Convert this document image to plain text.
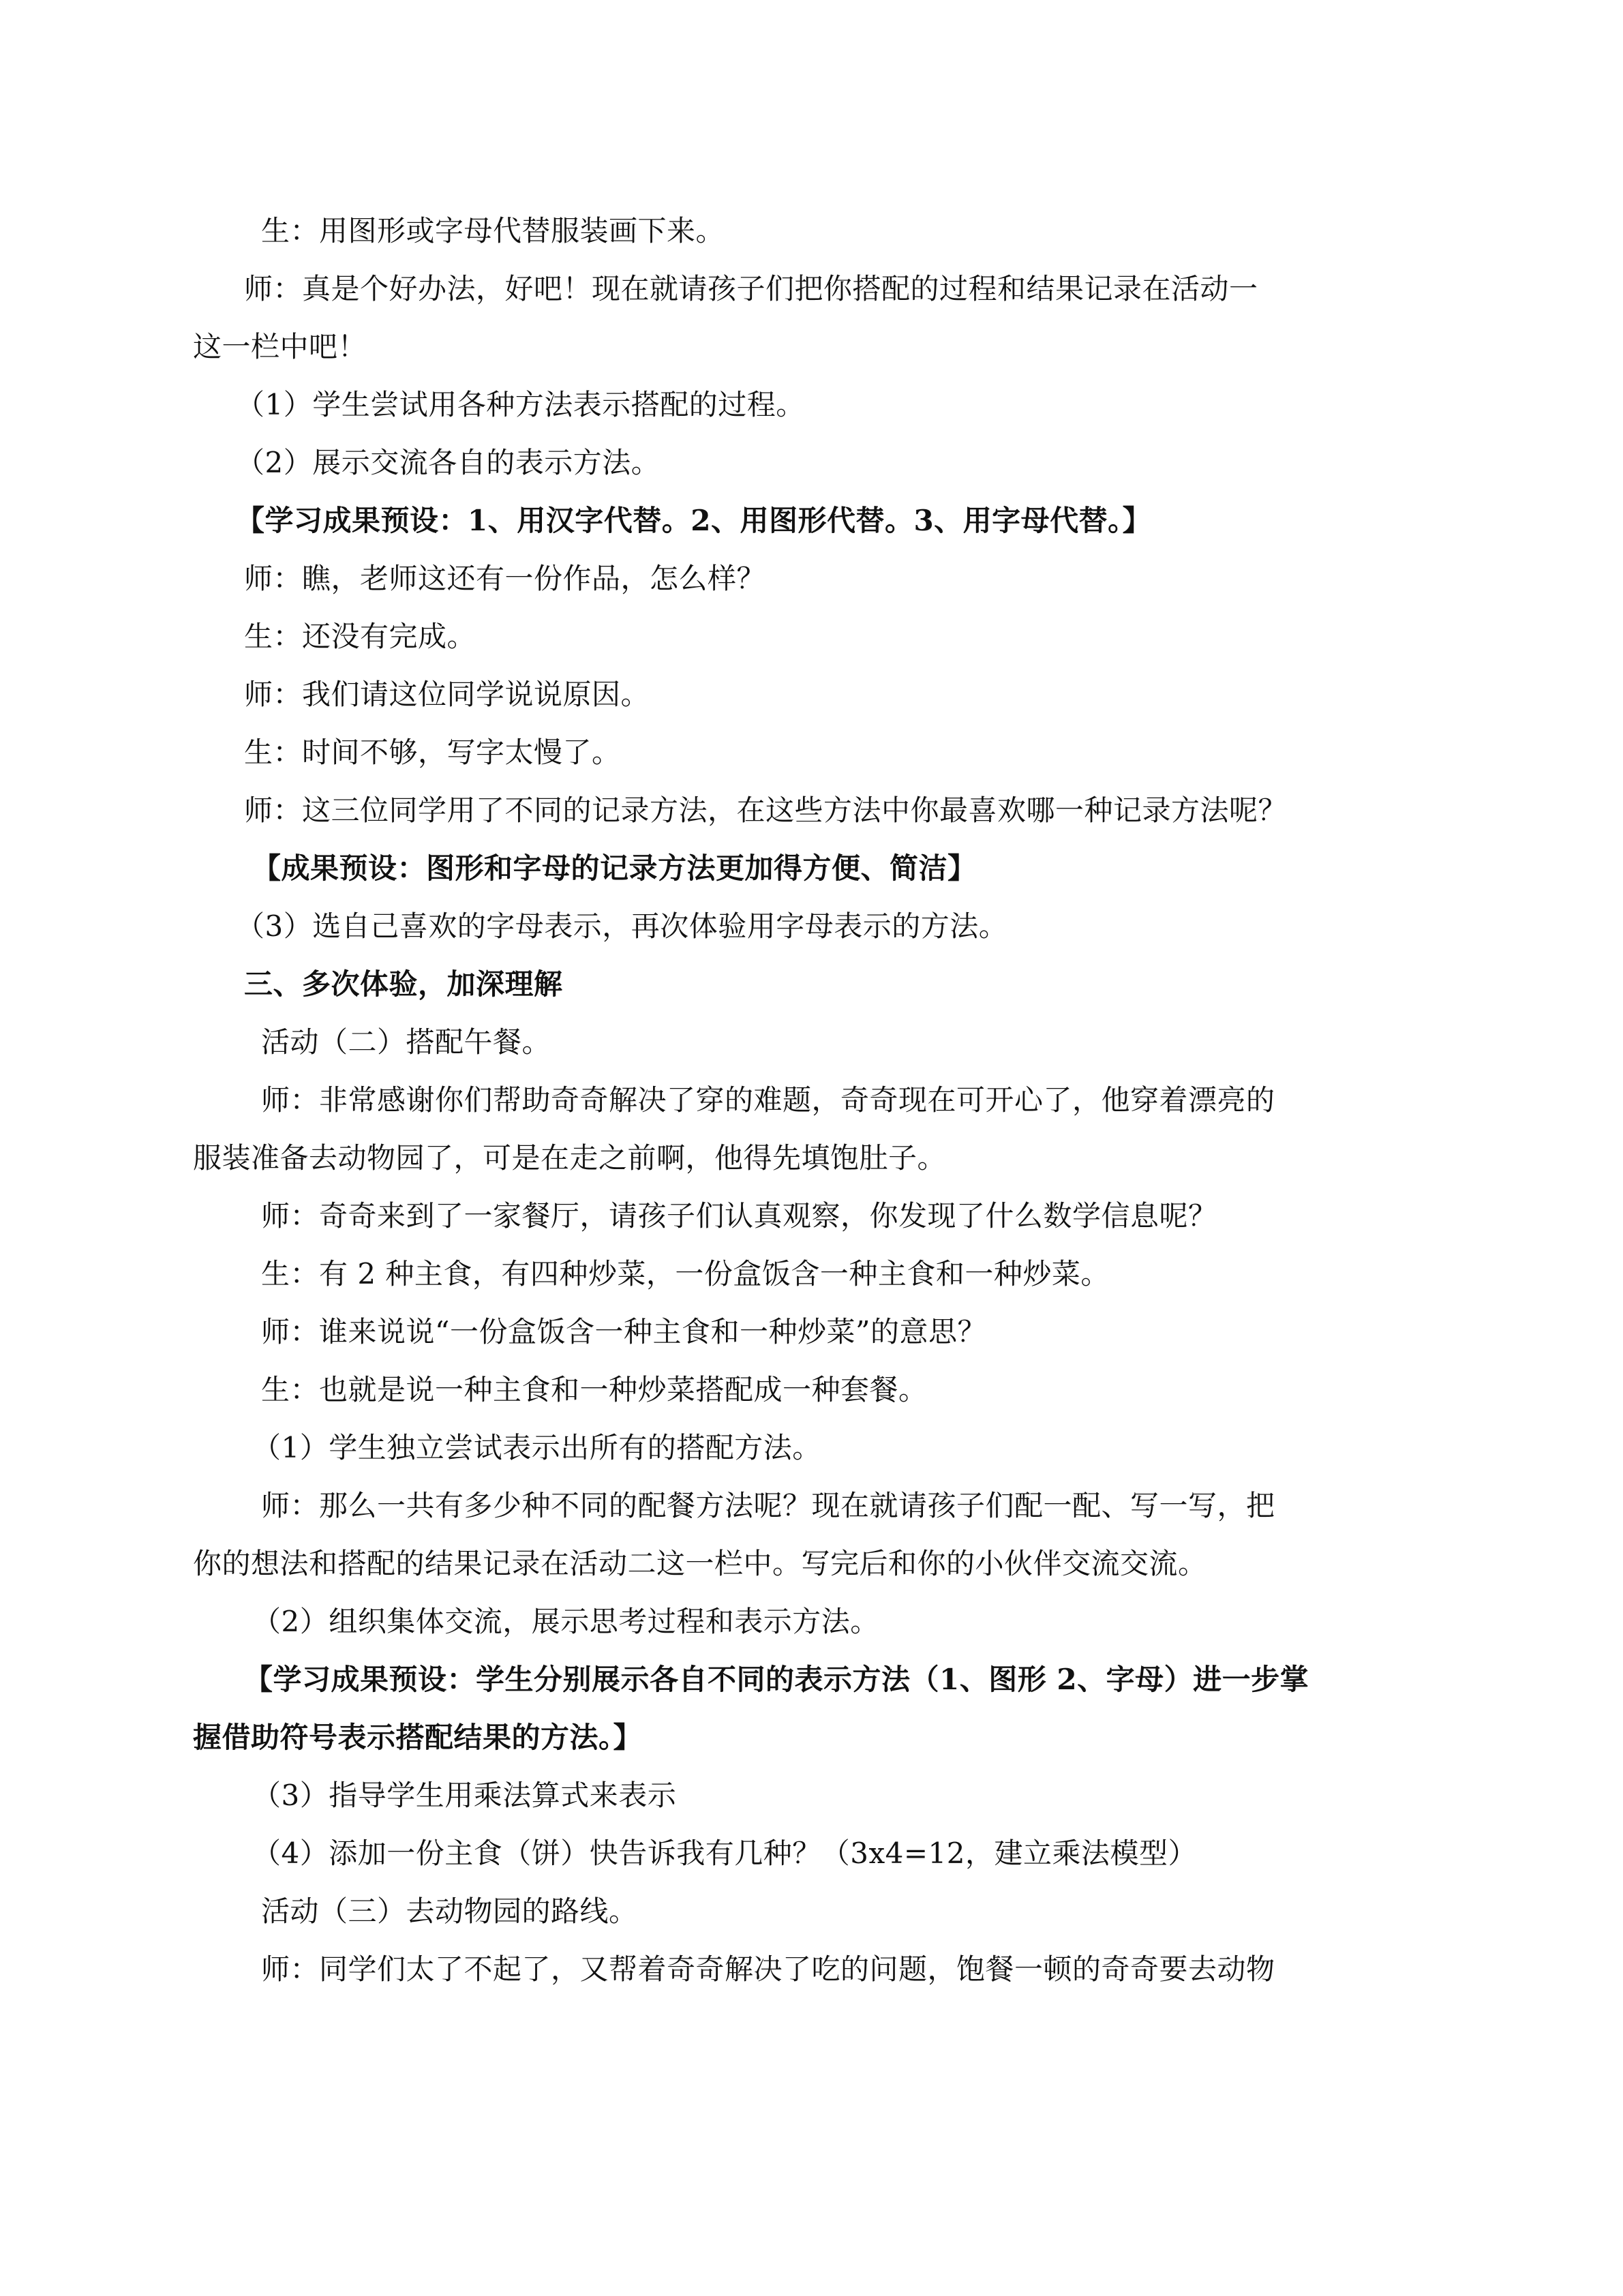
生：用图形或字母代替服装画下来。
师：真是个好办法，好吧！现在就请孩子们把你搭配的过程和结果记录在活动一
这一栏中吧！
（1）学生尝试用各种方法表示搭配的过程。
（2）展示交流各自的表示方法。
【学习成果预设：1、用汉字代替。2、用图形代替。3、用字母代替。】
师：瞧，老师这还有一份作品，怎么样？
生：还没有完成。
师：我们请这位同学说说原因。
生：时间不够，写字太慢了。
师：这三位同学用了不同的记录方法，在这些方法中你最喜欢哪一种记录方法呢？
【成果预设：图形和字母的记录方法更加得方便、简洁】
（3）选自己喜欢的字母表示，再次体验用字母表示的方法。
三、多次体验，加深理解
活动（二）搭配午餐。
师：非常感谢你们帮助奇奇解决了穿的难题，奇奇现在可开心了，他穿着漂亮的
服装准备去动物园了，可是在走之前啊，他得先填饱肚子。
师：奇奇来到了一家餐厅，请孩子们认真观察，你发现了什么数学信息呢？
生：有 2 种主食，有四种炒菜，一份盒饭含一种主食和一种炒菜。
师：谁来说说“一份盒饭含一种主食和一种炒菜”的意思？
生：也就是说一种主食和一种炒菜搭配成一种套餐。
（1）学生独立尝试表示出所有的搭配方法。
师：那么一共有多少种不同的配餐方法呢？现在就请孩子们配一配、写一写，把
你的想法和搭配的结果记录在活动二这一栏中。写完后和你的小伙伴交流交流。
（2）组织集体交流，展示思考过程和表示方法。
【学习成果预设：学生分别展示各自不同的表示方法（1、图形 2、字母）进一步掌
握借助符号表示搭配结果的方法。】
（3）指导学生用乘法算式来表示
（4）添加一份主食（饼）快告诉我有几种？（3x4=12，建立乘法模型）
活动（三）去动物园的路线。
师：同学们太了不起了，又帮着奇奇解决了吃的问题，饱餐一顿的奇奇要去动物
